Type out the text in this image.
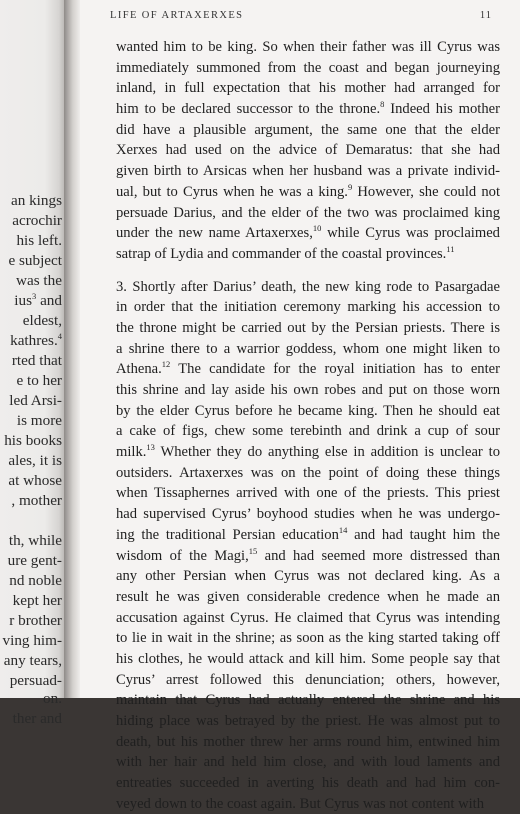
an kings
acrochir
his left.
e subject
was the
ius$^3$ and
eldest,
kathres.$^4$
rted that
e to her
led Arsi-
is more
his books
ales, it is
at whose
, mother
th, while
ure gent-
nd noble
kept her
r brother
ving him-
any tears,
persuad-
on.
ther and
LIFE OF ARTAXERXES	11
wanted him to be king. So when their father was ill Cyrus was
immediately summoned from the coast and began journeying
inland, in full expectation that his mother had arranged for
him to be declared successor to the throne.$^8$ Indeed his mother
did have a plausible argument, the same one that the elder
Xerxes had used on the advice of Demaratus: that she had
given birth to Arsicas when her husband was a private individ-
ual, but to Cyrus when he was a king.$^9$ However, she could not
persuade Darius, and the elder of the two was proclaimed king
under the new name Artaxerxes,$^{10}$ while Cyrus was proclaimed
satrap of Lydia and commander of the coastal provinces.$^{11}$
3. Shortly after Darius’ death, the new king rode to Pasargadae
in order that the initiation ceremony marking his accession to
the throne might be carried out by the Persian priests. There is
a shrine there to a warrior goddess, whom one might liken to
Athena.$^{12}$ The candidate for the royal initiation has to enter
this shrine and lay aside his own robes and put on those worn
by the elder Cyrus before he became king. Then he should eat
a cake of figs, chew some terebinth and drink a cup of sour
milk.$^{13}$ Whether they do anything else in addition is unclear to
outsiders. Artaxerxes was on the point of doing these things
when Tissaphernes arrived with one of the priests. This priest
had supervised Cyrus’ boyhood studies when he was undergo-
ing the traditional Persian education$^{14}$ and had taught him the
wisdom of the Magi,$^{15}$ and had seemed more distressed than
any other Persian when Cyrus was not declared king. As a
result he was given considerable credence when he made an
accusation against Cyrus. He claimed that Cyrus was intending
to lie in wait in the shrine; as soon as the king started taking off
his clothes, he would attack and kill him. Some people say that
Cyrus’ arrest followed this denunciation; others, however,
maintain that Cyrus had actually entered the shrine and his
hiding place was betrayed by the priest. He was almost put to
death, but his mother threw her arms round him, entwined him
with her hair and held him close, and with loud laments and
entreaties succeeded in averting his death and had him con-
veyed down to the coast again. But Cyrus was not content with
